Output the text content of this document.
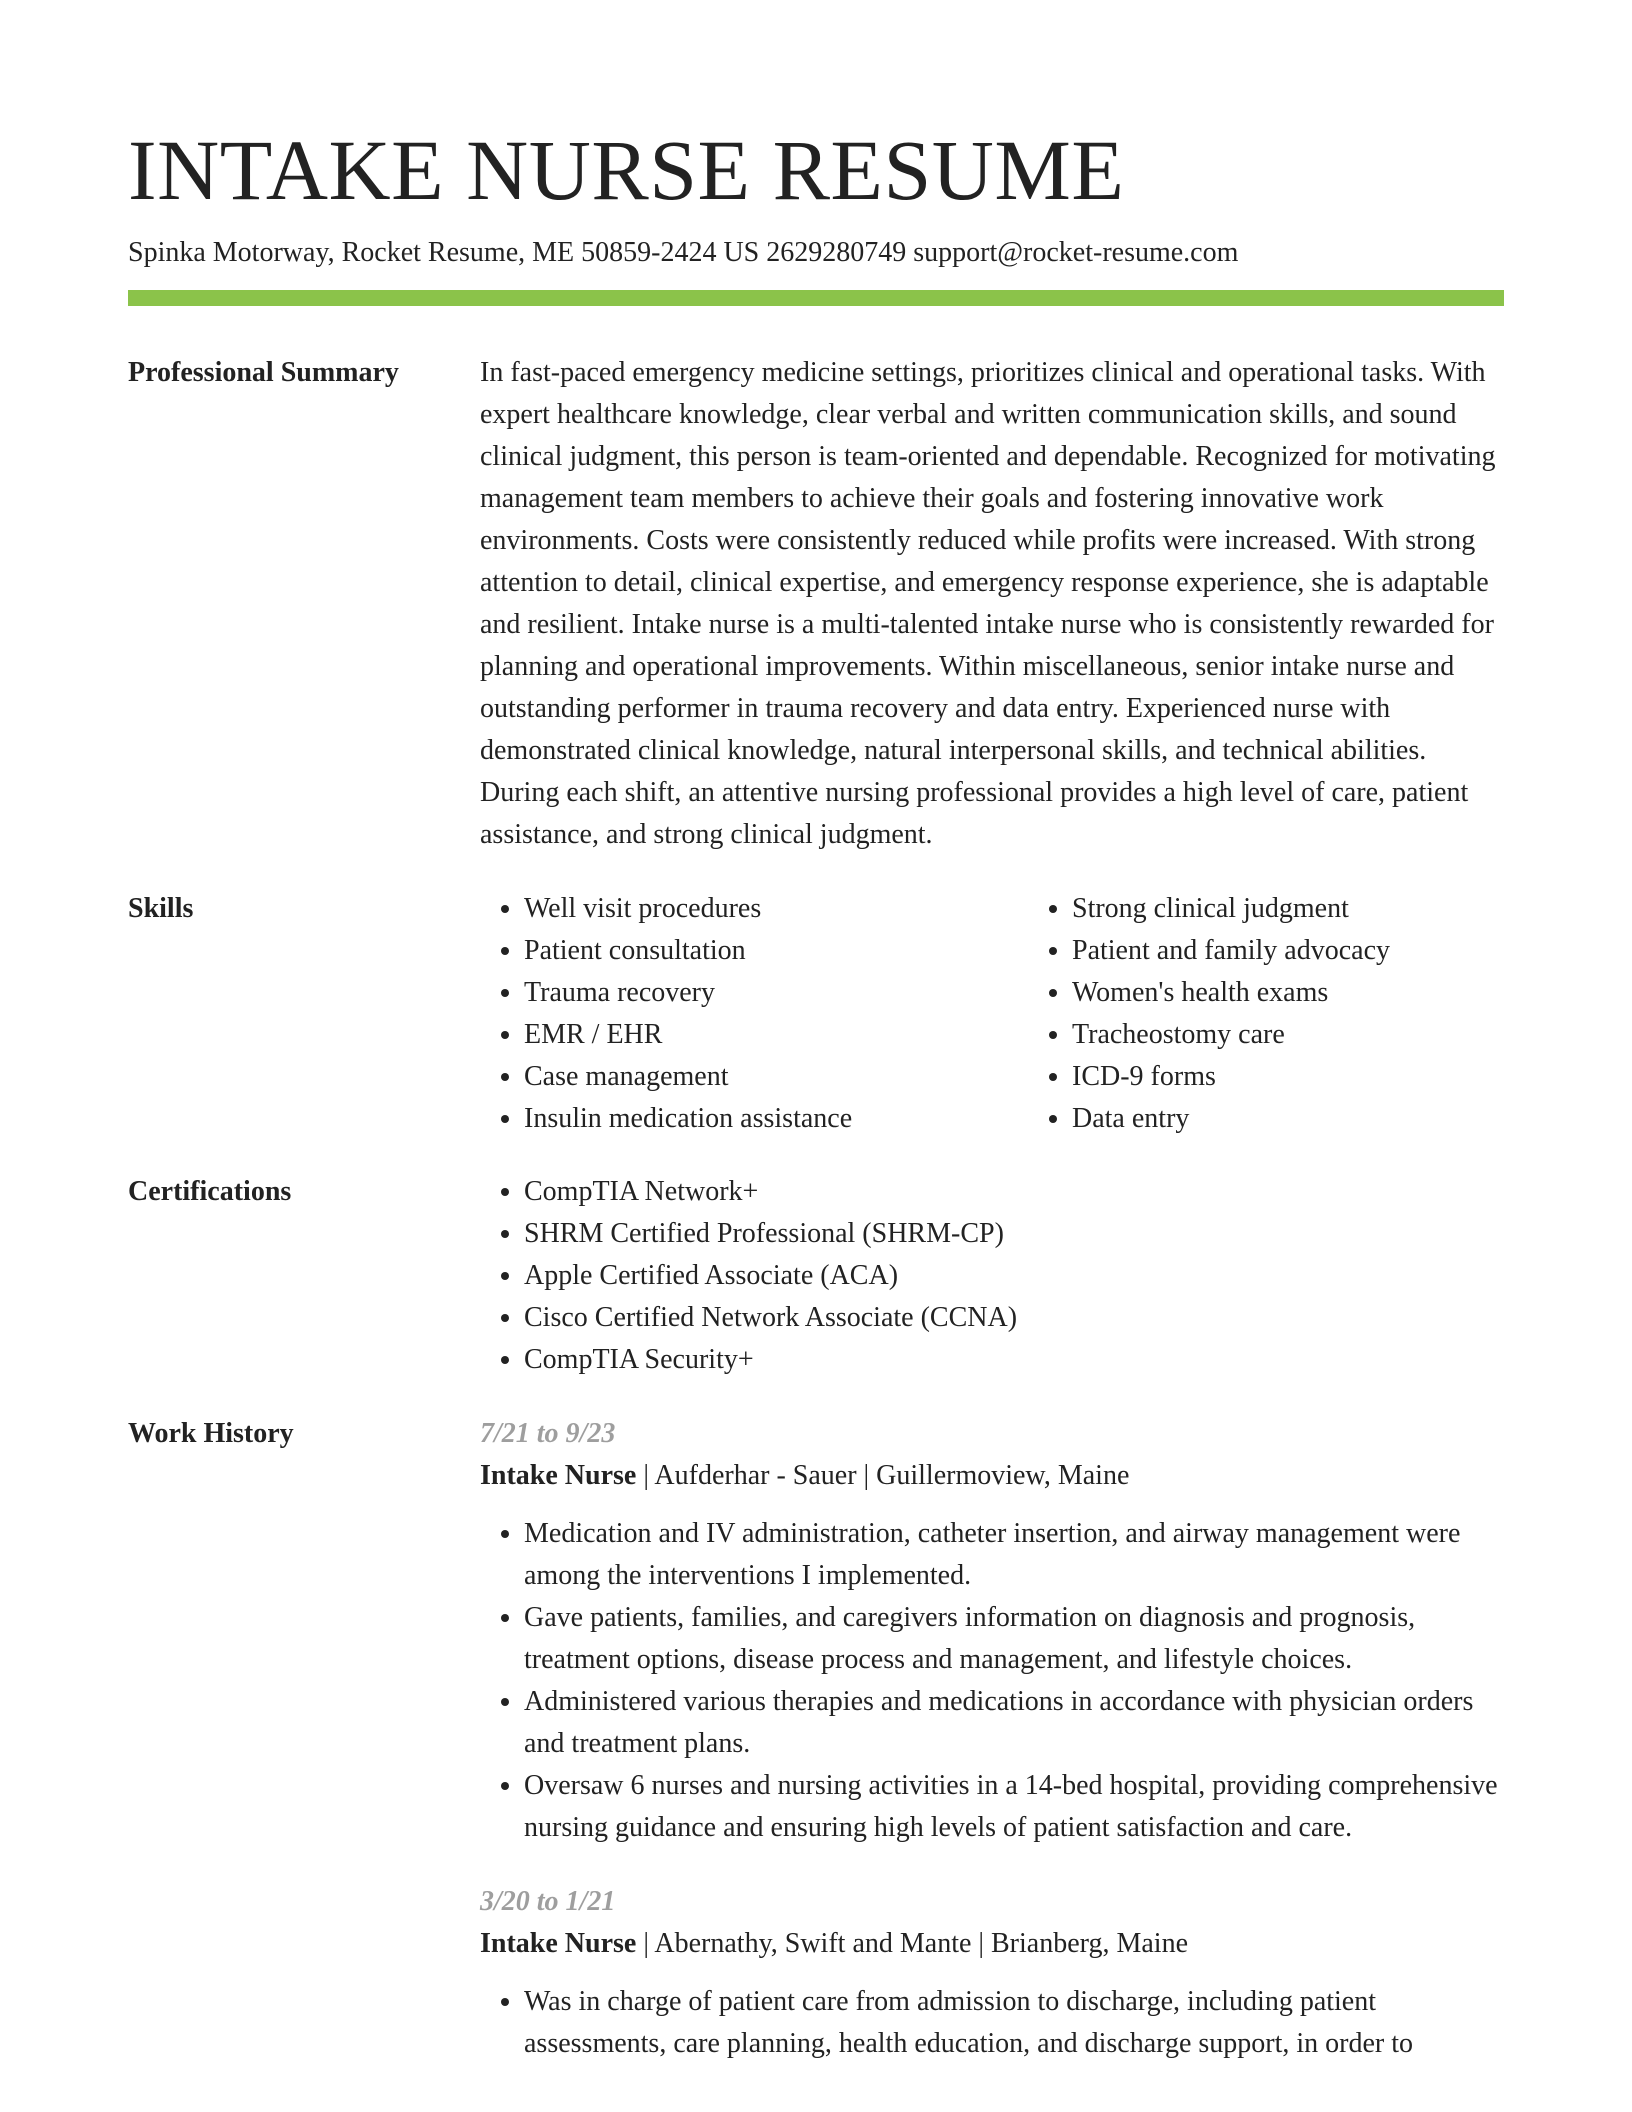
INTAKE NURSE RESUME
Spinka Motorway, Rocket Resume, ME 50859-2424 US 2629280749 support@rocket-resume.com
Professional Summary	In fast-paced emergency medicine settings, prioritizes clinical and operational tasks. With expert healthcare knowledge, clear verbal and written communication skills, and sound clinical judgment, this person is team-oriented and dependable. Recognized for motivating management team members to achieve their goals and fostering innovative work environments. Costs were consistently reduced while profits were increased. With strong attention to detail, clinical expertise, and emergency response experience, she is adaptable and resilient. Intake nurse is a multi-talented intake nurse who is consistently rewarded for planning and operational improvements. Within miscellaneous, senior intake nurse and outstanding performer in trauma recovery and data entry. Experienced nurse with demonstrated clinical knowledge, natural interpersonal skills, and technical abilities. During each shift, an attentive nursing professional provides a high level of care, patient assistance, and strong clinical judgment.

Skills	• Well visit procedures
• Patient consultation
• Trauma recovery
• EMR / EHR
• Case management
• Insulin medication assistance
• Strong clinical judgment
• Patient and family advocacy
• Women's health exams
• Tracheostomy care
• ICD-9 forms
• Data entry
Certifications	• CompTIA Network+
• SHRM Certified Professional (SHRM-CP)
• Apple Certified Associate (ACA)
• Cisco Certified Network Associate (CCNA)
• CompTIA Security+
Work History	7/21 to 9/23
Intake Nurse | Aufderhar - Sauer | Guillermoview, Maine
• Medication and IV administration, catheter insertion, and airway management were among the interventions I implemented.
• Gave patients, families, and caregivers information on diagnosis and prognosis, treatment options, disease process and management, and lifestyle choices.
• Administered various therapies and medications in accordance with physician orders and treatment plans.
• Oversaw 6 nurses and nursing activities in a 14-bed hospital, providing comprehensive nursing guidance and ensuring high levels of patient satisfaction and care.
3/20 to 1/21
Intake Nurse | Abernathy, Swift and Mante | Brianberg, Maine
• Was in charge of patient care from admission to discharge, including patient assessments, care planning, health education, and discharge support, in order to
